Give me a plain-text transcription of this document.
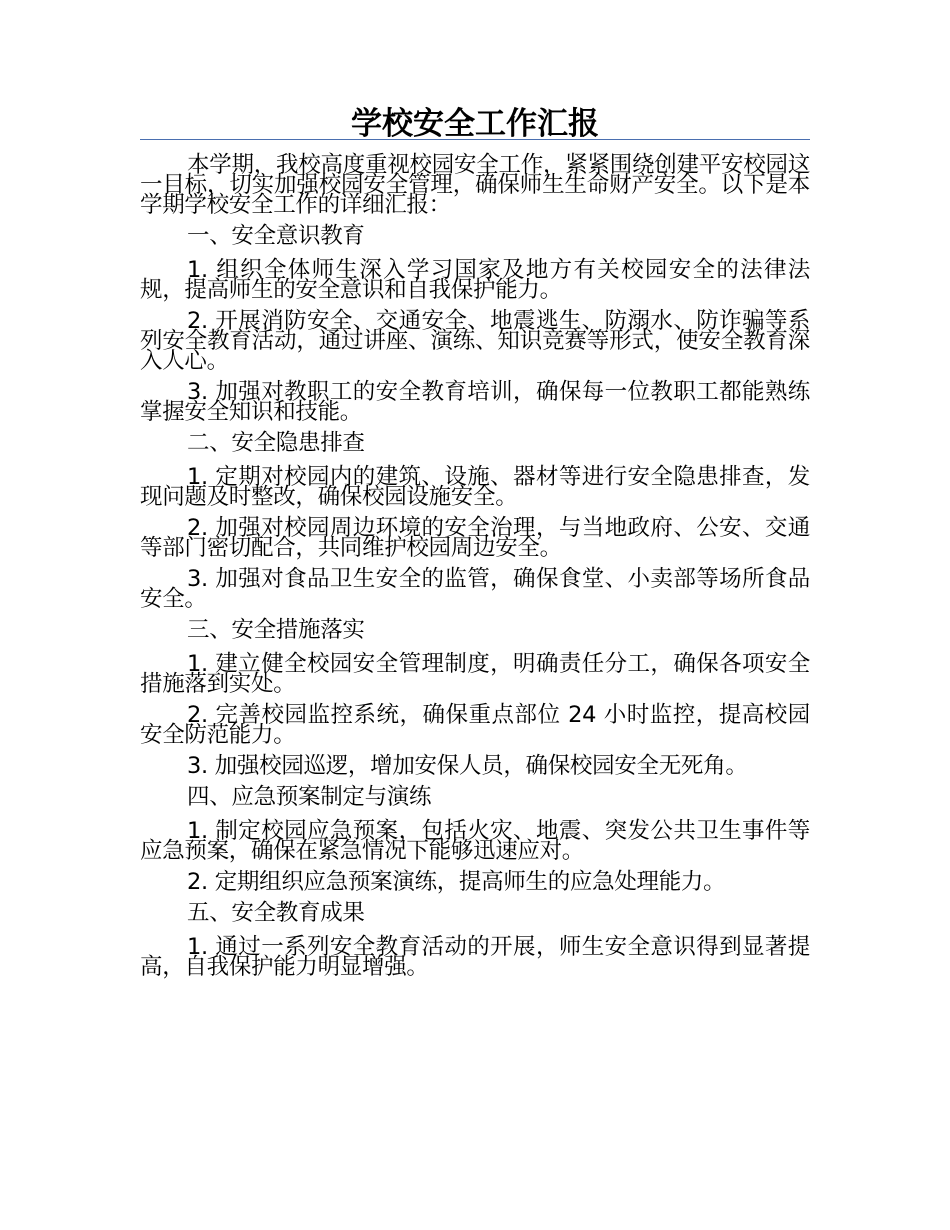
学校安全工作汇报

本学期，我校高度重视校园安全工作，紧紧围绕创建平安校园这一目标，切实加强校园安全管理，确保师生生命财产安全。以下是本学期学校安全工作的详细汇报：

一、安全意识教育

1. 组织全体师生深入学习国家及地方有关校园安全的法律法规，提高师生的安全意识和自我保护能力。

2. 开展消防安全、交通安全、地震逃生、防溺水、防诈骗等系列安全教育活动，通过讲座、演练、知识竞赛等形式，使安全教育深入人心。

3. 加强对教职工的安全教育培训，确保每一位教职工都能熟练掌握安全知识和技能。

二、安全隐患排查

1. 定期对校园内的建筑、设施、器材等进行安全隐患排查，发现问题及时整改，确保校园设施安全。

2. 加强对校园周边环境的安全治理，与当地政府、公安、交通等部门密切配合，共同维护校园周边安全。

3. 加强对食品卫生安全的监管，确保食堂、小卖部等场所食品安全。

三、安全措施落实

1. 建立健全校园安全管理制度，明确责任分工，确保各项安全措施落到实处。

2. 完善校园监控系统，确保重点部位 24 小时监控，提高校园安全防范能力。

3. 加强校园巡逻，增加安保人员，确保校园安全无死角。

四、应急预案制定与演练

1. 制定校园应急预案，包括火灾、地震、突发公共卫生事件等应急预案，确保在紧急情况下能够迅速应对。

2. 定期组织应急预案演练，提高师生的应急处理能力。

五、安全教育成果

1. 通过一系列安全教育活动的开展，师生安全意识得到显著提高，自我保护能力明显增强。
